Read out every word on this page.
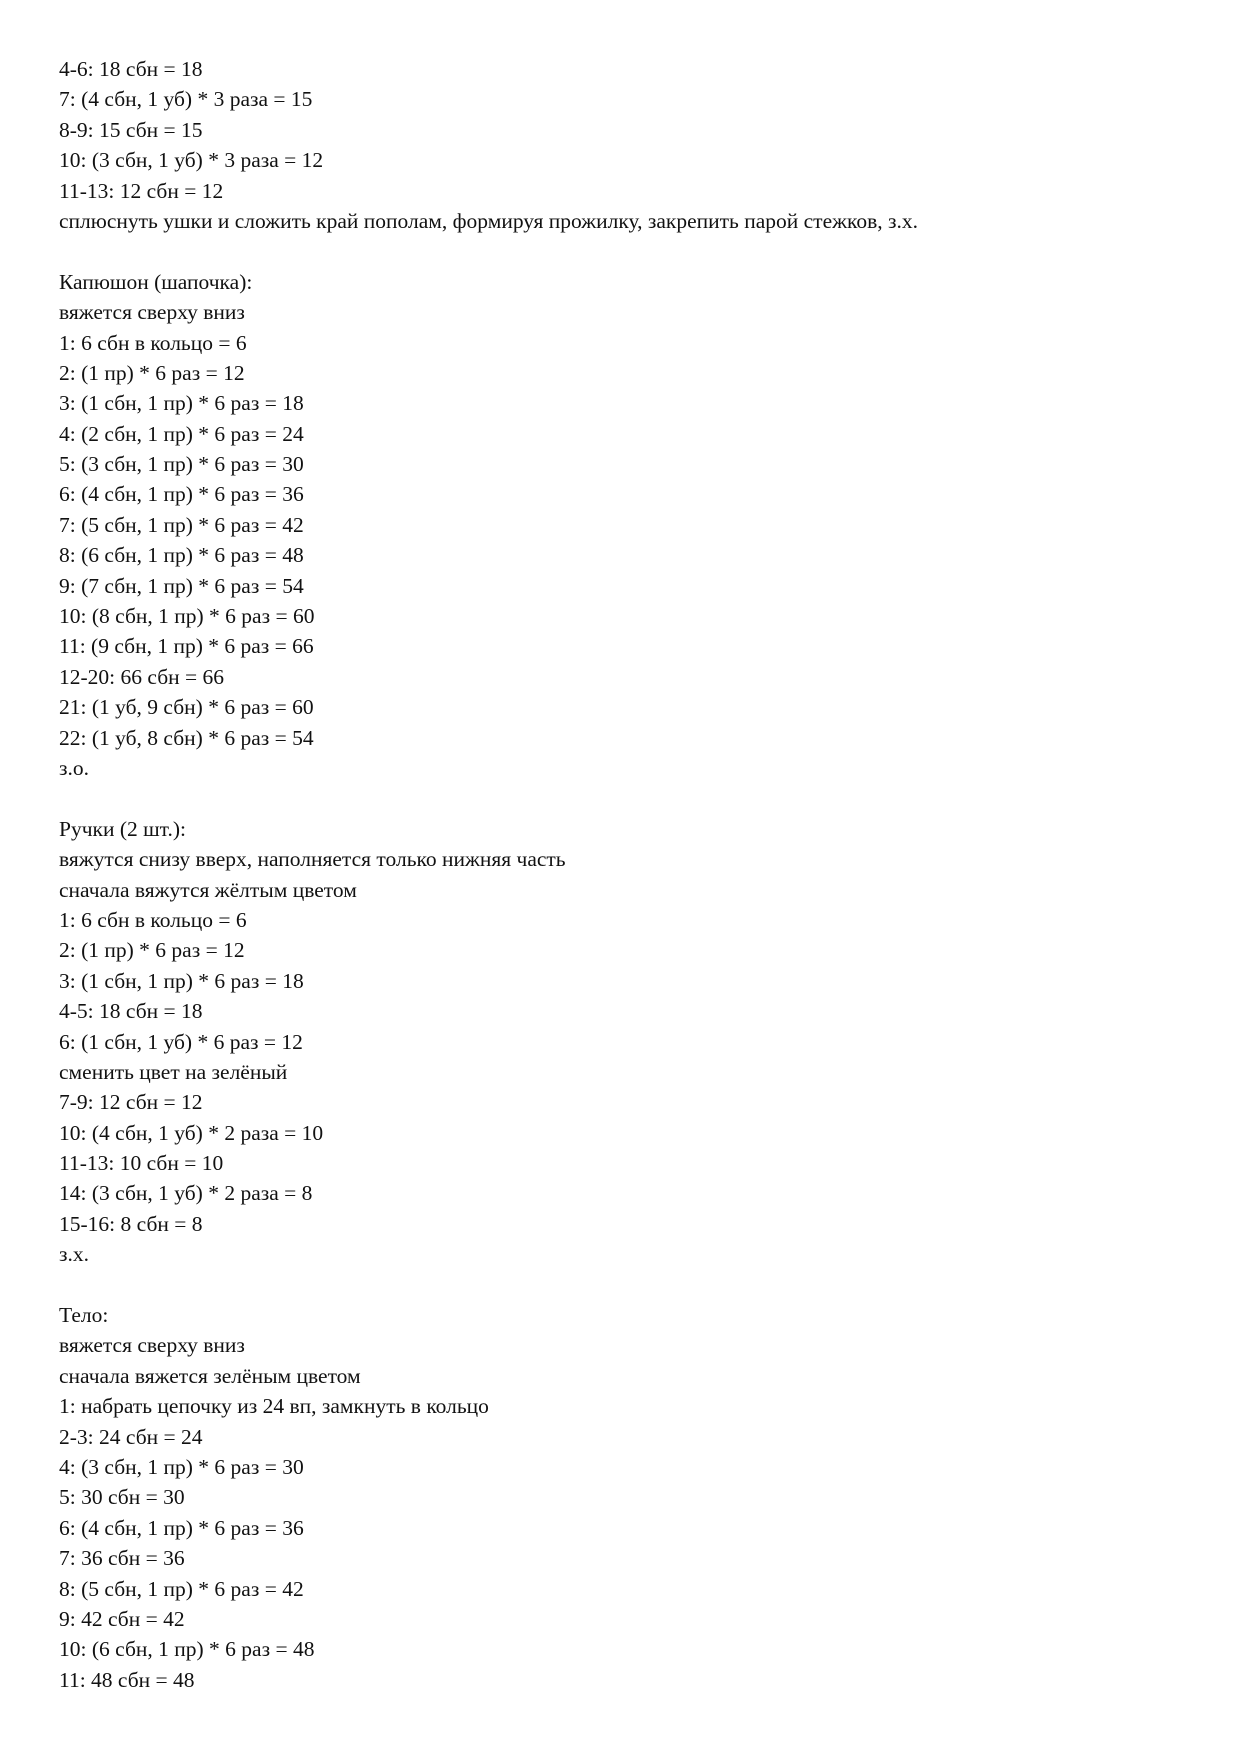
4-6: 18 сбн = 18
7: (4 сбн, 1 уб) * 3 раза = 15
8-9: 15 сбн = 15
10: (3 сбн, 1 уб) * 3 раза = 12
11-13: 12 сбн = 12
сплюснуть ушки и сложить край пополам, формируя прожилку, закрепить парой стежков, з.х.
Капюшон (шапочка):
вяжется сверху вниз
1: 6 сбн в кольцо = 6
2: (1 пр) * 6 раз = 12
3: (1 сбн, 1 пр) * 6 раз = 18
4: (2 сбн, 1 пр) * 6 раз = 24
5: (3 сбн, 1 пр) * 6 раз = 30
6: (4 сбн, 1 пр) * 6 раз = 36
7: (5 сбн, 1 пр) * 6 раз = 42
8: (6 сбн, 1 пр) * 6 раз = 48
9: (7 сбн, 1 пр) * 6 раз = 54
10: (8 сбн, 1 пр) * 6 раз = 60
11: (9 сбн, 1 пр) * 6 раз = 66
12-20: 66 сбн = 66
21: (1 уб, 9 сбн) * 6 раз = 60
22: (1 уб, 8 сбн) * 6 раз = 54
з.о.
Ручки (2 шт.):
вяжутся снизу вверх, наполняется только нижняя часть
сначала вяжутся жёлтым цветом
1: 6 сбн в кольцо = 6
2: (1 пр) * 6 раз = 12
3: (1 сбн, 1 пр) * 6 раз = 18
4-5: 18 сбн = 18
6: (1 сбн, 1 уб) * 6 раз = 12
сменить цвет на зелёный
7-9: 12 сбн = 12
10: (4 сбн, 1 уб) * 2 раза = 10
11-13: 10 сбн = 10
14: (3 сбн, 1 уб) * 2 раза = 8
15-16: 8 сбн = 8
з.х.
Тело:
вяжется сверху вниз
сначала вяжется зелёным цветом
1: набрать цепочку из 24 вп, замкнуть в кольцо
2-3: 24 сбн = 24
4: (3 сбн, 1 пр) * 6 раз = 30
5: 30 сбн = 30
6: (4 сбн, 1 пр) * 6 раз = 36
7: 36 сбн = 36
8: (5 сбн, 1 пр) * 6 раз = 42
9: 42 сбн = 42
10: (6 сбн, 1 пр) * 6 раз = 48
11: 48 сбн = 48
